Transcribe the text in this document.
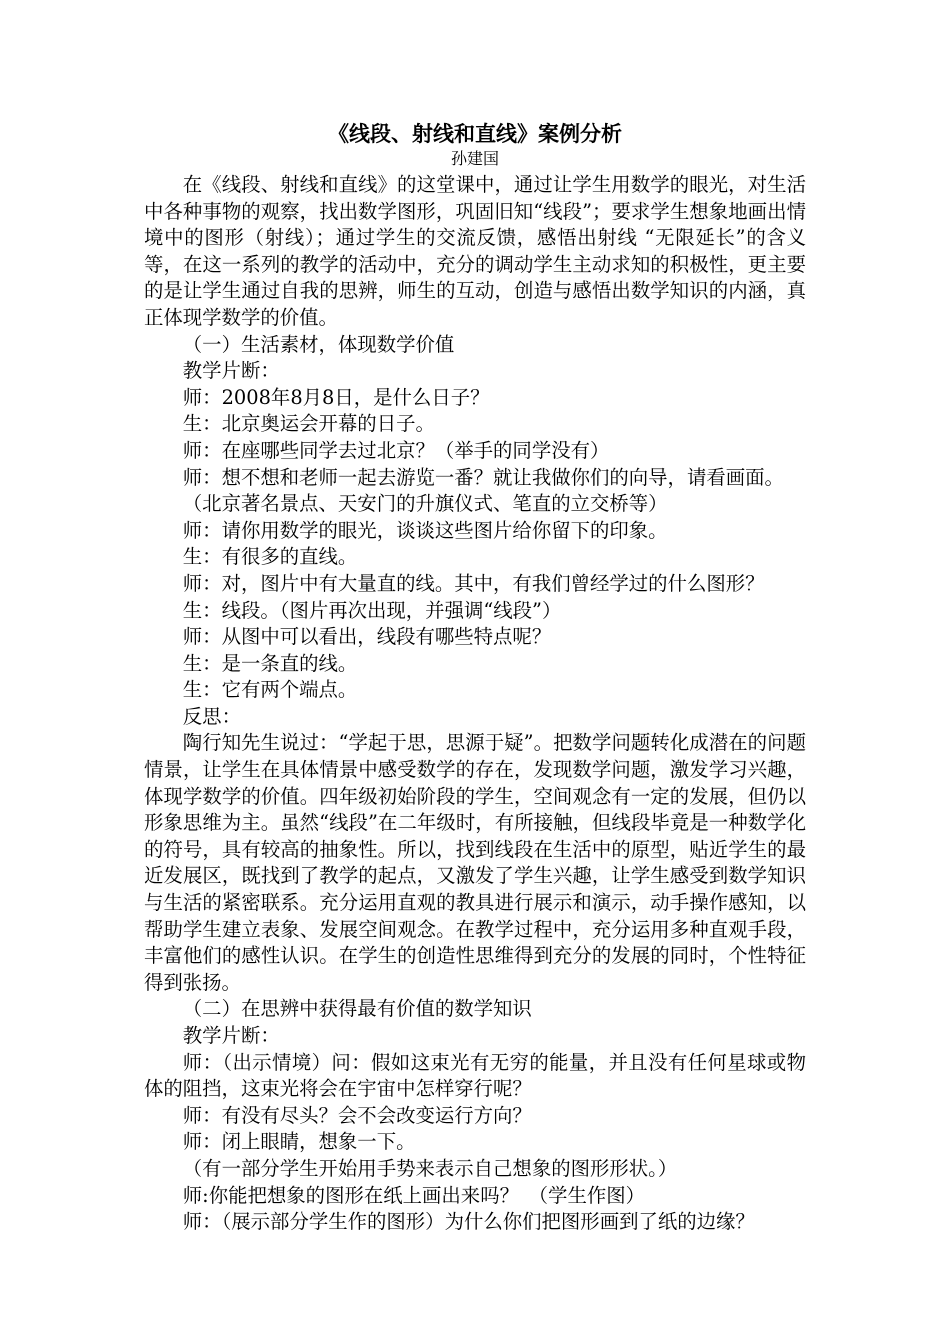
《线段、射线和直线》案例分析
孙建国

在《线段、射线和直线》的这堂课中，通过让学生用数学的眼光，对生活中各种事物的观察，找出数学图形，巩固旧知“线段”；要求学生想象地画出情境中的图形（射线）；通过学生的交流反馈，感悟出射线 “无限延长”的含义等，在这一系列的教学的活动中，充分的调动学生主动求知的积极性，更主要的是让学生通过自我的思辨，师生的互动，创造与感悟出数学知识的内涵，真正体现学数学的价值。

（一）生活素材，体现数学价值

教学片断：

师：2008年8月8日，是什么日子？

生：北京奥运会开幕的日子。

师：在座哪些同学去过北京？（举手的同学没有）

师：想不想和老师一起去游览一番？就让我做你们的向导，请看画面。

（北京著名景点、天安门的升旗仪式、笔直的立交桥等）

师：请你用数学的眼光，谈谈这些图片给你留下的印象。

生：有很多的直线。

师：对，图片中有大量直的线。其中，有我们曾经学过的什么图形？

生：线段。（图片再次出现，并强调“线段”）

师：从图中可以看出，线段有哪些特点呢？

生：是一条直的线。

生：它有两个端点。

反思：

陶行知先生说过：“学起于思，思源于疑”。把数学问题转化成潜在的问题情景，让学生在具体情景中感受数学的存在，发现数学问题，激发学习兴趣，体现学数学的价值。四年级初始阶段的学生，空间观念有一定的发展，但仍以形象思维为主。虽然“线段”在二年级时，有所接触，但线段毕竟是一种数学化的符号，具有较高的抽象性。所以，找到线段在生活中的原型，贴近学生的最近发展区，既找到了教学的起点，又激发了学生兴趣，让学生感受到数学知识与生活的紧密联系。充分运用直观的教具进行展示和演示，动手操作感知，以帮助学生建立表象、发展空间观念。在教学过程中，充分运用多种直观手段，丰富他们的感性认识。在学生的创造性思维得到充分的发展的同时，个性特征得到张扬。

（二）在思辨中获得最有价值的数学知识

教学片断：

师：（出示情境）问：假如这束光有无穷的能量，并且没有任何星球或物体的阻挡，这束光将会在宇宙中怎样穿行呢？

师：有没有尽头？会不会改变运行方向？

师：闭上眼睛，想象一下。

（有一部分学生开始用手势来表示自己想象的图形形状。）

师:你能把想象的图形在纸上画出来吗？　（学生作图）

师：（展示部分学生作的图形）为什么你们把图形画到了纸的边缘？
